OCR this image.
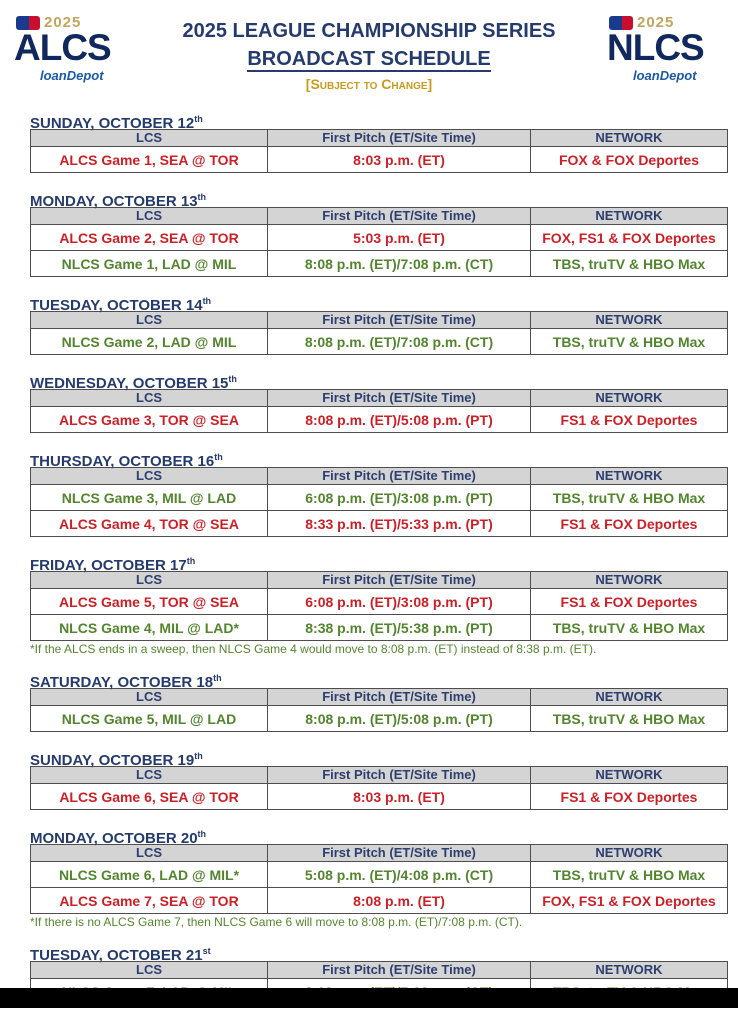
2025
ALCS
loanDepot
2025 LEAGUE CHAMPIONSHIP SERIES
BROADCAST SCHEDULE
[Subject to Change]
2025
NLCS
loanDepot
SUNDAY, OCTOBER 12th
LCS	First Pitch (ET/Site Time)	NETWORK
ALCS Game 1, SEA @ TOR	8:03 p.m. (ET)	FOX & FOX Deportes
MONDAY, OCTOBER 13th
LCS	First Pitch (ET/Site Time)	NETWORK
ALCS Game 2, SEA @ TOR	5:03 p.m. (ET)	FOX, FS1 & FOX Deportes
NLCS Game 1, LAD @ MIL	8:08 p.m. (ET)/7:08 p.m. (CT)	TBS, truTV & HBO Max
TUESDAY, OCTOBER 14th
LCS	First Pitch (ET/Site Time)	NETWORK
NLCS Game 2, LAD @ MIL	8:08 p.m. (ET)/7:08 p.m. (CT)	TBS, truTV & HBO Max
WEDNESDAY, OCTOBER 15th
LCS	First Pitch (ET/Site Time)	NETWORK
ALCS Game 3, TOR @ SEA	8:08 p.m. (ET)/5:08 p.m. (PT)	FS1 & FOX Deportes
THURSDAY, OCTOBER 16th
LCS	First Pitch (ET/Site Time)	NETWORK
NLCS Game 3, MIL @ LAD	6:08 p.m. (ET)/3:08 p.m. (PT)	TBS, truTV & HBO Max
ALCS Game 4, TOR @ SEA	8:33 p.m. (ET)/5:33 p.m. (PT)	FS1 & FOX Deportes
FRIDAY, OCTOBER 17th
LCS	First Pitch (ET/Site Time)	NETWORK
ALCS Game 5, TOR @ SEA	6:08 p.m. (ET)/3:08 p.m. (PT)	FS1 & FOX Deportes
NLCS Game 4, MIL @ LAD*	8:38 p.m. (ET)/5:38 p.m. (PT)	TBS, truTV & HBO Max
*If the ALCS ends in a sweep, then NLCS Game 4 would move to 8:08 p.m. (ET) instead of 8:38 p.m. (ET).
SATURDAY, OCTOBER 18th
LCS	First Pitch (ET/Site Time)	NETWORK
NLCS Game 5, MIL @ LAD	8:08 p.m. (ET)/5:08 p.m. (PT)	TBS, truTV & HBO Max
SUNDAY, OCTOBER 19th
LCS	First Pitch (ET/Site Time)	NETWORK
ALCS Game 6, SEA @ TOR	8:03 p.m. (ET)	FS1 & FOX Deportes
MONDAY, OCTOBER 20th
LCS	First Pitch (ET/Site Time)	NETWORK
NLCS Game 6, LAD @ MIL*	5:08 p.m. (ET)/4:08 p.m. (CT)	TBS, truTV & HBO Max
ALCS Game 7, SEA @ TOR	8:08 p.m. (ET)	FOX, FS1 & FOX Deportes
*If there is no ALCS Game 7, then NLCS Game 6 will move to 8:08 p.m. (ET)/7:08 p.m. (CT).
TUESDAY, OCTOBER 21st
LCS	First Pitch (ET/Site Time)	NETWORK
